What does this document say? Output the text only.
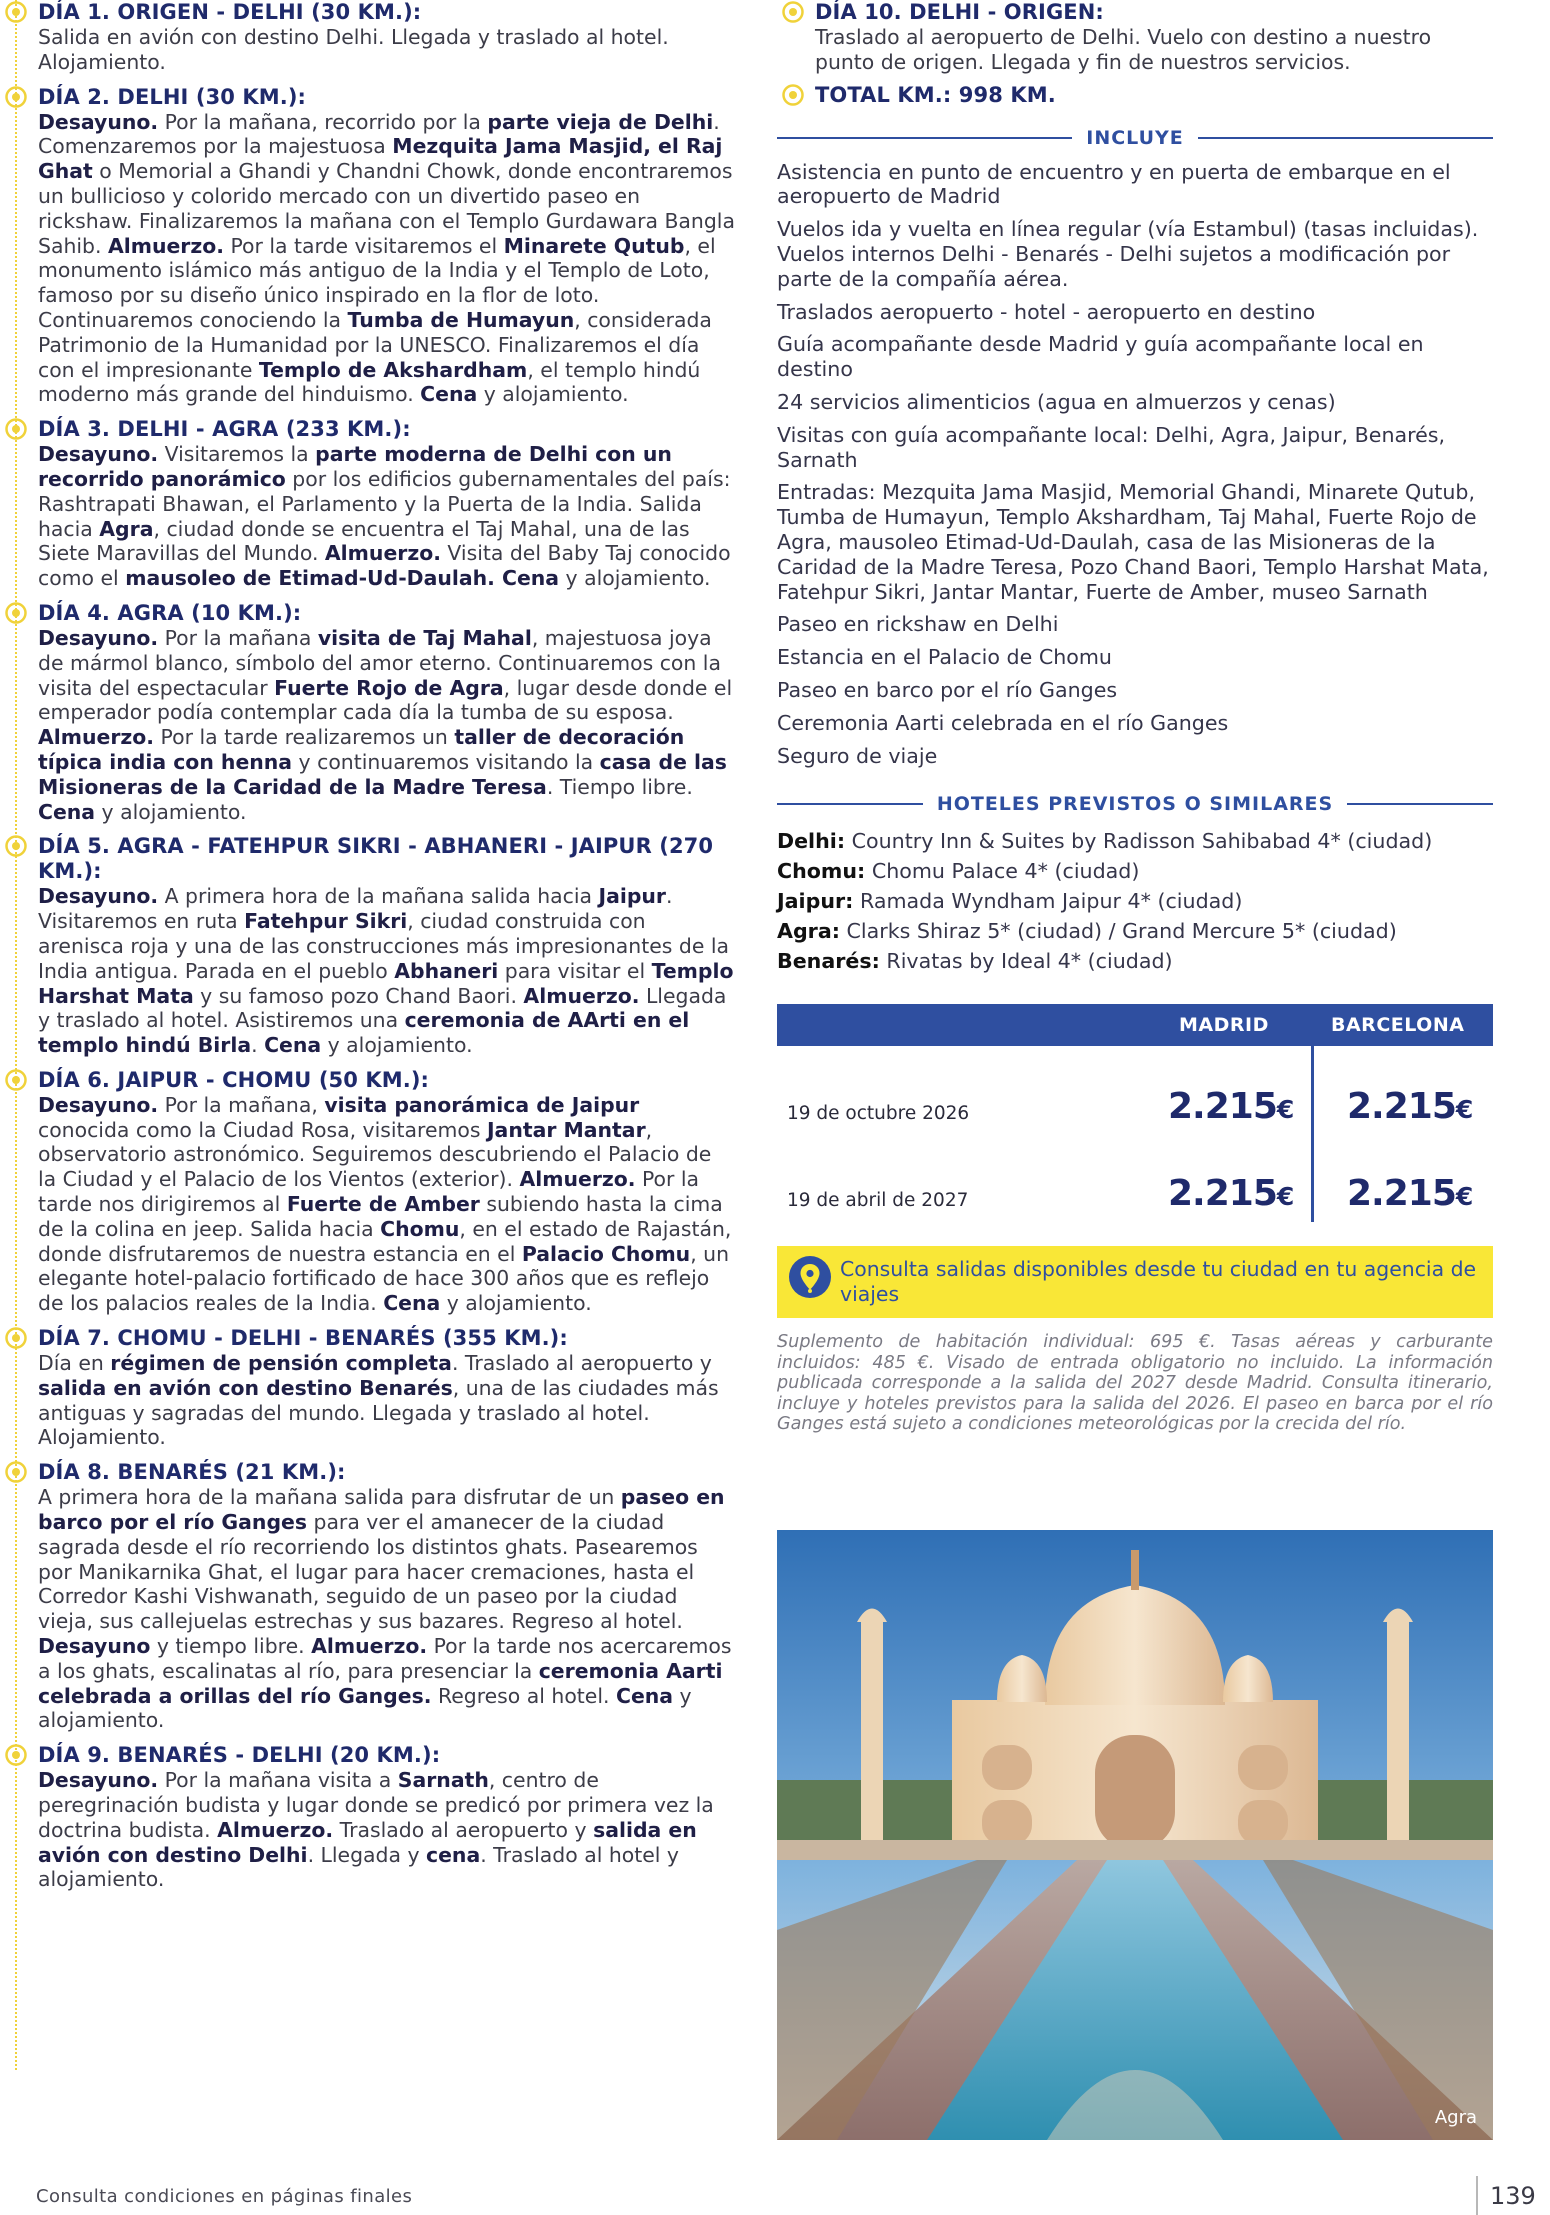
DÍA 1. ORIGEN - DELHI (30 KM.):
Salida en avión con destino Delhi. Llegada y traslado al hotel. Alojamiento.
DÍA 2. DELHI (30 KM.):
Desayuno. Por la mañana, recorrido por la parte vieja de Delhi. Comenzaremos por la majestuosa Mezquita Jama Masjid, el Raj Ghat o Memorial a Ghandi y Chandni Chowk, donde encontraremos un bullicioso y colorido mercado con un divertido paseo en rickshaw. Finalizaremos la mañana con el Templo Gurdawara Bangla Sahib. Almuerzo. Por la tarde visitaremos el Minarete Qutub, el monumento islámico más antiguo de la India y el Templo de Loto, famoso por su diseño único inspirado en la flor de loto. Continuaremos conociendo la Tumba de Humayun, considerada Patrimonio de la Humanidad por la UNESCO. Finalizaremos el día con el impresionante Templo de Akshardham, el templo hindú moderno más grande del hinduismo. Cena y alojamiento.
DÍA 3. DELHI - AGRA (233 KM.):
Desayuno. Visitaremos la parte moderna de Delhi con un recorrido panorámico por los edificios gubernamentales del país: Rashtrapati Bhawan, el Parlamento y la Puerta de la India. Salida hacia Agra, ciudad donde se encuentra el Taj Mahal, una de las Siete Maravillas del Mundo. Almuerzo. Visita del Baby Taj conocido como el mausoleo de Etimad-Ud-Daulah. Cena y alojamiento.
DÍA 4. AGRA (10 KM.):
Desayuno. Por la mañana visita de Taj Mahal, majestuosa joya de mármol blanco, símbolo del amor eterno. Continuaremos con la visita del espectacular Fuerte Rojo de Agra, lugar desde donde el emperador podía contemplar cada día la tumba de su esposa. Almuerzo. Por la tarde realizaremos un taller de decoración típica india con henna y continuaremos visitando la casa de las Misioneras de la Caridad de la Madre Teresa. Tiempo libre. Cena y alojamiento.
DÍA 5. AGRA - FATEHPUR SIKRI - ABHANERI - JAIPUR (270 KM.):
Desayuno. A primera hora de la mañana salida hacia Jaipur. Visitaremos en ruta Fatehpur Sikri, ciudad construida con arenisca roja y una de las construcciones más impresionantes de la India antigua. Parada en el pueblo Abhaneri para visitar el Templo Harshat Mata y su famoso pozo Chand Baori. Almuerzo. Llegada y traslado al hotel. Asistiremos una ceremonia de AArti en el templo hindú Birla. Cena y alojamiento.
DÍA 6. JAIPUR - CHOMU (50 KM.):
Desayuno. Por la mañana, visita panorámica de Jaipur conocida como la Ciudad Rosa, visitaremos Jantar Mantar, observatorio astronómico. Seguiremos descubriendo el Palacio de la Ciudad y el Palacio de los Vientos (exterior). Almuerzo. Por la tarde nos dirigiremos al Fuerte de Amber subiendo hasta la cima de la colina en jeep. Salida hacia Chomu, en el estado de Rajastán, donde disfrutaremos de nuestra estancia en el Palacio Chomu, un elegante hotel-palacio fortificado de hace 300 años que es reflejo de los palacios reales de la India. Cena y alojamiento.
DÍA 7. CHOMU - DELHI - BENARÉS (355 KM.):
Día en régimen de pensión completa. Traslado al aeropuerto y salida en avión con destino Benarés, una de las ciudades más antiguas y sagradas del mundo. Llegada y traslado al hotel. Alojamiento.
DÍA 8. BENARÉS (21 KM.):
A primera hora de la mañana salida para disfrutar de un paseo en barco por el río Ganges para ver el amanecer de la ciudad sagrada desde el río recorriendo los distintos ghats. Pasearemos por Manikarnika Ghat, el lugar para hacer cremaciones, hasta el Corredor Kashi Vishwanath, seguido de un paseo por la ciudad vieja, sus callejuelas estrechas y sus bazares. Regreso al hotel. Desayuno y tiempo libre. Almuerzo. Por la tarde nos acercaremos a los ghats, escalinatas al río, para presenciar la ceremonia Aarti celebrada a orillas del río Ganges. Regreso al hotel. Cena y alojamiento.
DÍA 9. BENARÉS - DELHI (20 KM.):
Desayuno. Por la mañana visita a Sarnath, centro de peregrinación budista y lugar donde se predicó por primera vez la doctrina budista. Almuerzo. Traslado al aeropuerto y salida en avión con destino Delhi. Llegada y cena. Traslado al hotel y alojamiento.
DÍA 10. DELHI - ORIGEN:
Traslado al aeropuerto de Delhi. Vuelo con destino a nuestro punto de origen. Llegada y fin de nuestros servicios.
TOTAL KM.: 998 KM.
INCLUYE
Asistencia en punto de encuentro y en puerta de embarque en el aeropuerto de Madrid
Vuelos ida y vuelta en línea regular (vía Estambul) (tasas incluidas). Vuelos internos Delhi - Benarés - Delhi sujetos a modificación por parte de la compañía aérea.
Traslados aeropuerto - hotel - aeropuerto en destino
Guía acompañante desde Madrid y guía acompañante local en destino
24 servicios alimenticios (agua en almuerzos y cenas)
Visitas con guía acompañante local: Delhi, Agra, Jaipur, Benarés, Sarnath
Entradas: Mezquita Jama Masjid, Memorial Ghandi, Minarete Qutub, Tumba de Humayun, Templo Akshardham, Taj Mahal, Fuerte Rojo de Agra, mausoleo Etimad-Ud-Daulah, casa de las Misioneras de la Caridad de la Madre Teresa, Pozo Chand Baori, Templo Harshat Mata, Fatehpur Sikri, Jantar Mantar, Fuerte de Amber, museo Sarnath
Paseo en rickshaw en Delhi
Estancia en el Palacio de Chomu
Paseo en barco por el río Ganges
Ceremonia Aarti celebrada en el río Ganges
Seguro de viaje
HOTELES PREVISTOS O SIMILARES
Delhi: Country Inn & Suites by Radisson Sahibabad 4* (ciudad)
Chomu: Chomu Palace 4* (ciudad)
Jaipur: Ramada Wyndham Jaipur 4* (ciudad)
Agra: Clarks Shiraz 5* (ciudad) / Grand Mercure 5* (ciudad)
Benarés: Rivatas by Ideal 4* (ciudad)
MADRID	BARCELONA
19 de octubre 2026	2.215€ 2.215€
19 de abril de 2027	2.215€ 2.215€
Consulta salidas disponibles desde tu ciudad en tu agencia de viajes
Suplemento de habitación individual: 695 €. Tasas aéreas y carburante incluidos: 485 €. Visado de entrada obligatorio no incluido. La información publicada corresponde a la salida del 2027 desde Madrid. Consulta itinerario, incluye y hoteles previstos para la salida del 2026. El paseo en barca por el río Ganges está sujeto a condiciones meteorológicas por la crecida del río.
Agra
Consulta condiciones en páginas finales	139
